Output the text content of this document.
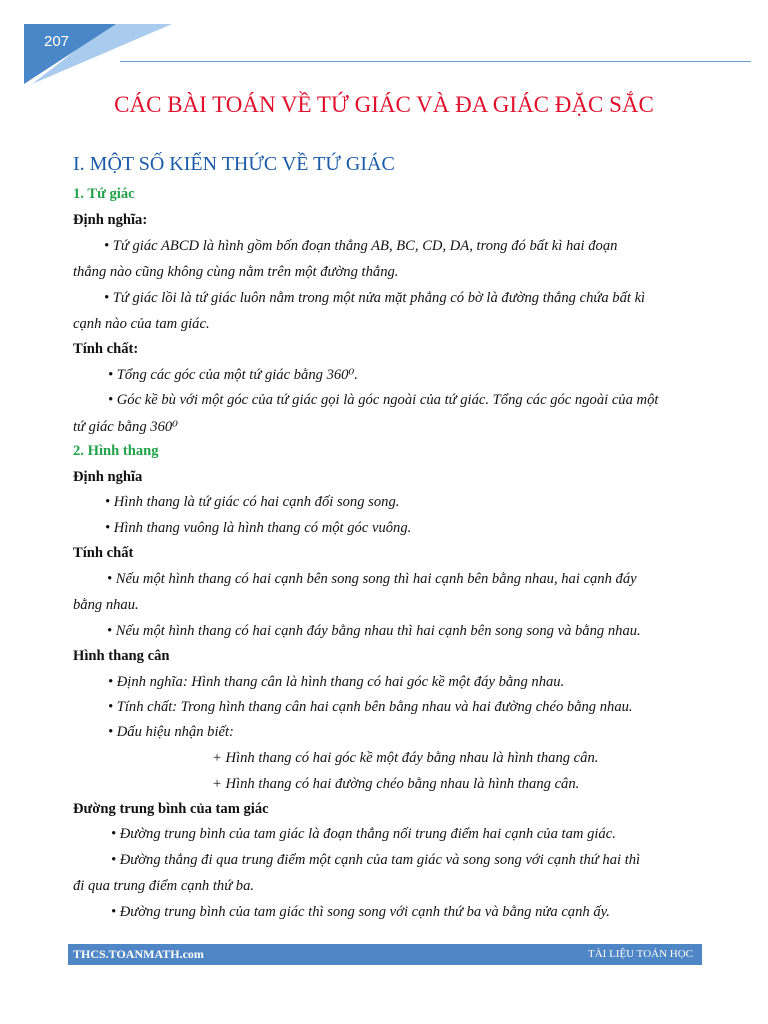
207
CÁC BÀI TOÁN VỀ TỨ GIÁC VÀ ĐA GIÁC ĐẶC SẮC
I. MỘT SỐ KIẾN THỨC VỀ TỨ GIÁC
1. Tứ giác
Định nghĩa:
• Tứ giác ABCD là hình gồm bốn đoạn thẳng AB, BC, CD, DA, trong đó bất kì hai đoạn
thẳng nào cũng không cùng nằm trên một đường thẳng.
• Tứ giác lồi là tứ giác luôn nằm trong một nửa mặt phẳng có bờ là đường thẳng chứa bất kì
cạnh nào của tam giác.
Tính chất:
• Tổng các góc của một tứ giác bằng 360⁰.
• Góc kề bù với một góc của tứ giác gọi là góc ngoài của tứ giác. Tổng các góc ngoài của một
tứ giác bằng 360⁰
2. Hình thang
Định nghĩa
• Hình thang là tứ giác có hai cạnh đối song song.
• Hình thang vuông là hình thang có một góc vuông.
Tính chất
• Nếu một hình thang có hai cạnh bên song song thì hai cạnh bên bằng nhau, hai cạnh đáy
bằng nhau.
• Nếu một hình thang có hai cạnh đáy bằng nhau thì hai cạnh bên song song và bằng nhau.
Hình thang cân
• Định nghĩa: Hình thang cân là hình thang có hai góc kề một đáy bằng nhau.
• Tính chất: Trong hình thang cân hai cạnh bên bằng nhau và hai đường chéo bằng nhau.
• Dấu hiệu nhận biết:
+ Hình thang có hai góc kề một đáy bằng nhau là hình thang cân.
+ Hình thang có hai đường chéo bằng nhau là hình thang cân.
Đường trung bình của tam giác
• Đường trung bình của tam giác là đoạn thẳng nối trung điểm hai cạnh của tam giác.
• Đường thẳng đi qua trung điểm một cạnh của tam giác và song song với cạnh thứ hai thì
đi qua trung điểm cạnh thứ ba.
• Đường trung bình của tam giác thì song song với cạnh thứ ba và bằng nửa cạnh ấy.
THCS.TOANMATH.com	TÀI LIỆU TOÁN HỌC
